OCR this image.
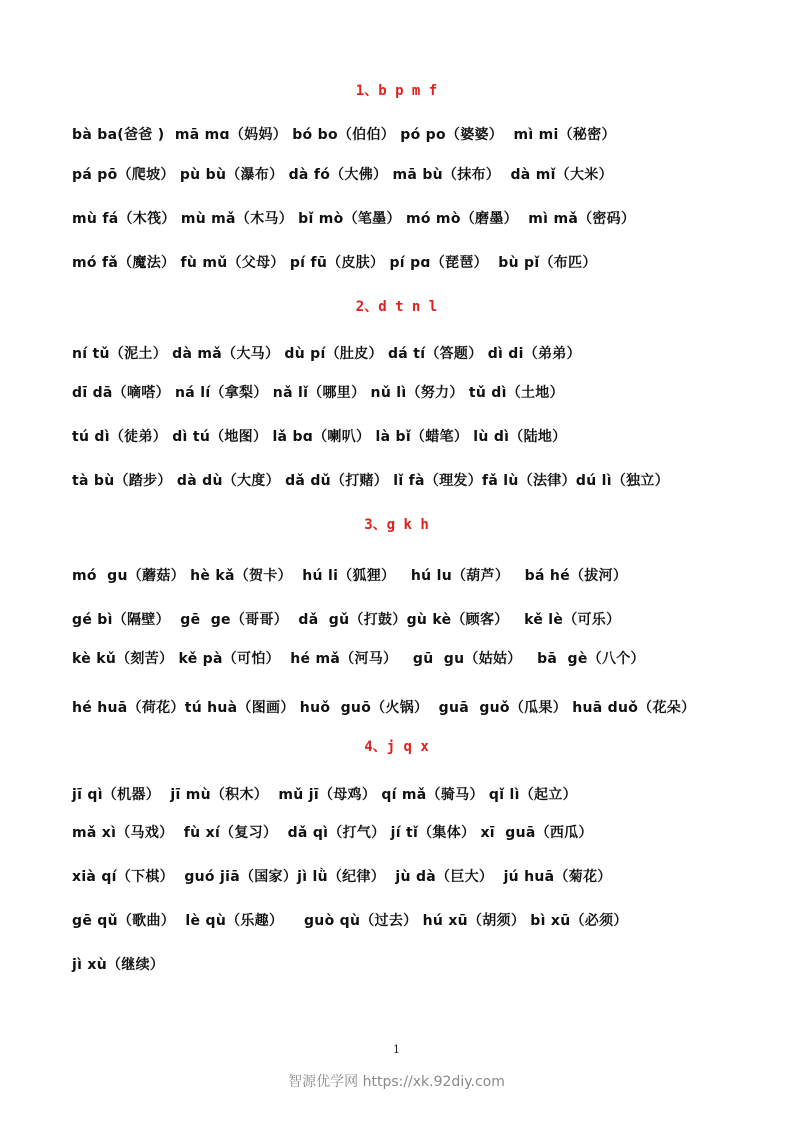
1、b p m f
bà ba(爸爸 )  mā mɑ（妈妈） bó bo（伯伯） pó po（婆婆）  mì mi（秘密）
pá pō（爬坡） pù bù（瀑布） dà fó（大佛） mā bù（抹布）  dà mǐ（大米）
mù fá（木筏） mù mǎ（木马） bǐ mò（笔墨） mó mò（磨墨）  mì mǎ（密码）
mó fǎ（魔法） fù mǔ（父母） pí fū（皮肤） pí pɑ（琵琶）  bù pǐ（布匹）
2、d t n l
ní tǔ（泥土） dà mǎ（大马） dù pí（肚皮） dá tí（答题） dì di（弟弟）
dī dā（嘀嗒） ná lí（拿梨） nǎ lǐ（哪里） nǔ lì（努力） tǔ dì（土地）
tú dì（徒弟） dì tú（地图） lǎ bɑ（喇叭） là bǐ（蜡笔） lù dì（陆地）
tà bù（踏步） dà dù（大度） dǎ dǔ（打赌） lǐ fà（理发）fǎ lù（法律）dú lì（独立）
3、g k h
mó  gu（蘑菇） hè kǎ（贺卡）  hú li（狐狸）   hú lu（葫芦）   bá hé（拔河）
gé bì（隔壁）  gē  ge（哥哥）  dǎ  gǔ（打鼓）gù kè（顾客）   kě lè（可乐）
kè kǔ（刻苦） kě pà（可怕）  hé mǎ（河马）   gū  gu（姑姑）   bā  gè（八个）
hé huā（荷花）tú huà（图画） huǒ  guō（火锅）  guā  guǒ（瓜果） huā duǒ（花朵）
4、j q x
jī qì（机器）  jī mù（积木）  mǔ jī（母鸡） qí mǎ（骑马） qǐ lì（起立）
mǎ xì（马戏）  fù xí（复习）  dǎ qì（打气） jí tǐ（集体） xī  guā（西瓜）
xià qí（下棋）  guó jiā（国家）jì lǜ（纪律）  jù dà（巨大）  jú huā（菊花）
gē qǔ（歌曲）  lè qù（乐趣）    guò qù（过去） hú xū（胡须） bì xū（必须）
jì xù（继续）
1
智源优学网 https://xk.92diy.com
